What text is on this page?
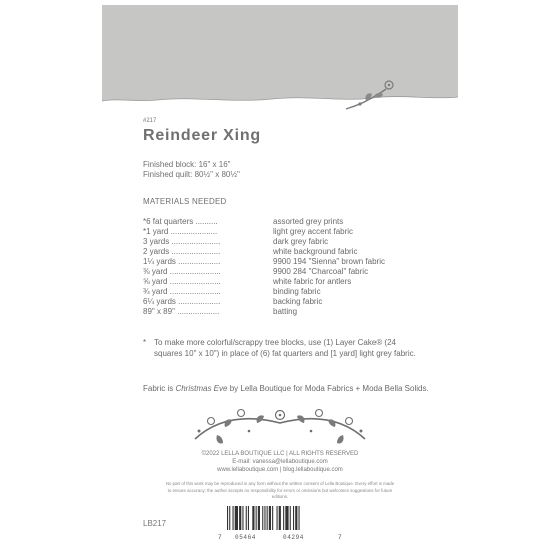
#217
Reindeer Xing
Finished block: 16" x 16"
Finished quilt: 80½" x 80½"
MATERIALS NEEDED
*6 fat quarters ..........	assorted grey prints
*1 yard .....................	light grey accent fabric
3 yards ......................	dark grey fabric
2 yards ......................	white background fabric
1¼ yards ...................	9900 194 "Sienna" brown fabric
⅜ yard .......................	9900 284 "Charcoal" fabric
⅝ yard .......................	white fabric for antlers
¾ yard .......................	binding fabric
6¼ yards ...................	backing fabric
89" x 89" ...................	batting
* To make more colorful/scrappy tree blocks, use (1) Layer Cake® (24 squares 10" x 10") in place of (6) fat quarters and [1 yard] light grey fabric.
Fabric is Christmas Eve by Lella Boutique for Moda Fabrics + Moda Bella Solids.
©2022 LELLA BOUTIQUE LLC | ALL RIGHTS RESERVED
E-mail: vanessa@lellaboutique.com
www.lellaboutique.com | blog.lellaboutique.com
No part of this work may be reproduced in any form without the written consent of Lella Boutique. Every effort is made to ensure accuracy; the author accepts no responsibility for errors or omissions but welcomes suggestions for future editions.
LB217
7 05464	04294	7
